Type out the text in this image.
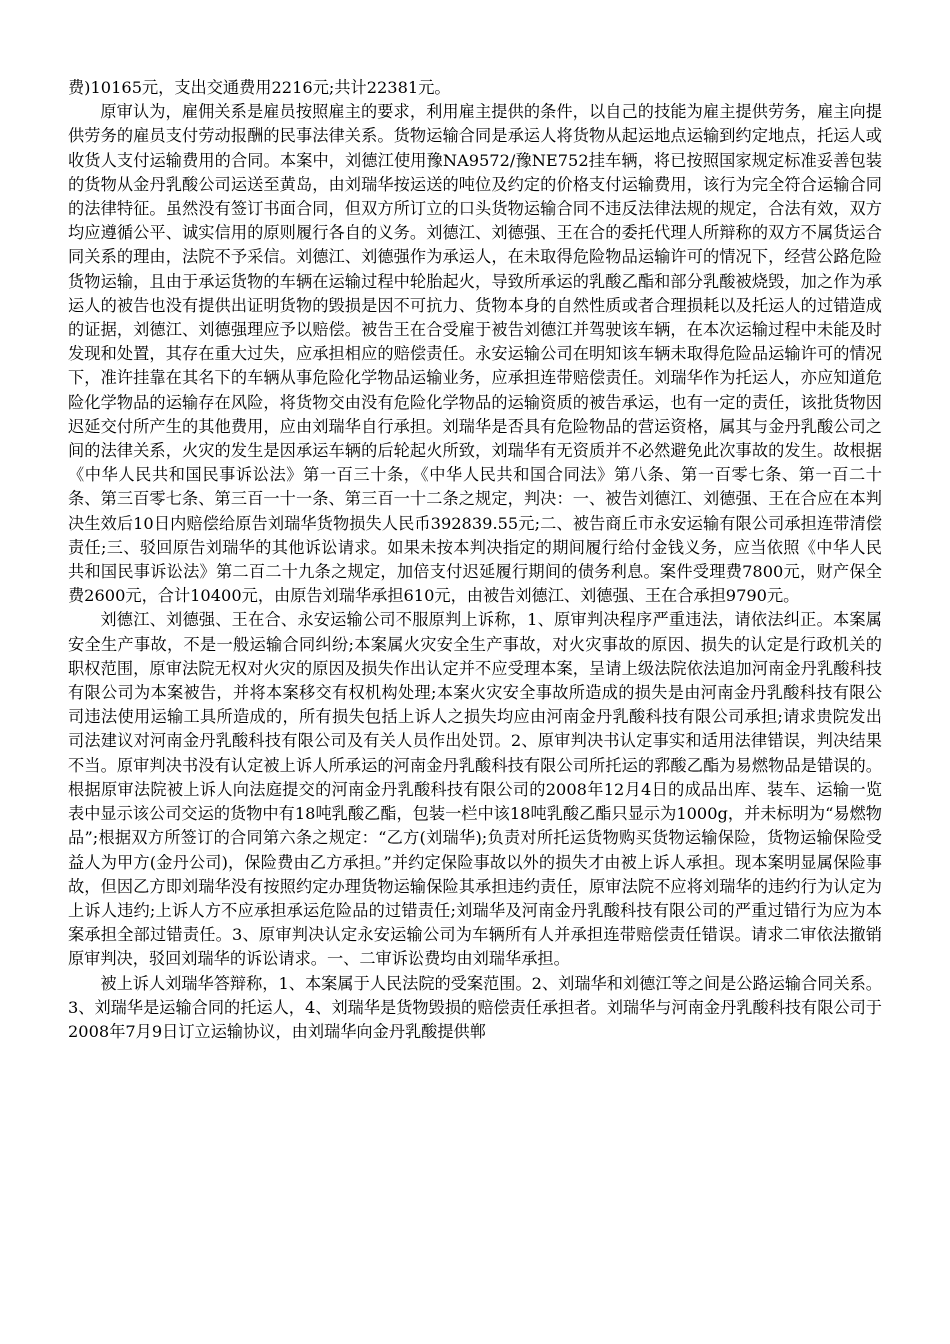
费)10165元，支出交通费用2216元;共计22381元。

原审认为，雇佣关系是雇员按照雇主的要求，利用雇主提供的条件，以自己的技能为雇主提供劳务，雇主向提供劳务的雇员支付劳动报酬的民事法律关系。货物运输合同是承运人将货物从起运地点运输到约定地点，托运人或收货人支付运输费用的合同。本案中，刘德江使用豫NA9572/豫NE752挂车辆，将已按照国家规定标准妥善包装的货物从金丹乳酸公司运送至黄岛，由刘瑞华按运送的吨位及约定的价格支付运输费用，该行为完全符合运输合同的法律特征。虽然没有签订书面合同，但双方所订立的口头货物运输合同不违反法律法规的规定，合法有效，双方均应遵循公平、诚实信用的原则履行各自的义务。刘德江、刘德强、王在合的委托代理人所辩称的双方不属货运合同关系的理由，法院不予采信。刘德江、刘德强作为承运人，在未取得危险物品运输许可的情况下，经营公路危险货物运输，且由于承运货物的车辆在运输过程中轮胎起火，导致所承运的乳酸乙酯和部分乳酸被烧毁，加之作为承运人的被告也没有提供出证明货物的毁损是因不可抗力、货物本身的自然性质或者合理损耗以及托运人的过错造成的证据，刘德江、刘德强理应予以赔偿。被告王在合受雇于被告刘德江并驾驶该车辆，在本次运输过程中未能及时发现和处置，其存在重大过失，应承担相应的赔偿责任。永安运输公司在明知该车辆未取得危险品运输许可的情况下，准许挂靠在其名下的车辆从事危险化学物品运输业务，应承担连带赔偿责任。刘瑞华作为托运人，亦应知道危险化学物品的运输存在风险，将货物交由没有危险化学物品的运输资质的被告承运，也有一定的责任，该批货物因迟延交付所产生的其他费用，应由刘瑞华自行承担。刘瑞华是否具有危险物品的营运资格，属其与金丹乳酸公司之间的法律关系，火灾的发生是因承运车辆的后轮起火所致，刘瑞华有无资质并不必然避免此次事故的发生。故根据《中华人民共和国民事诉讼法》第一百三十条，《中华人民共和国合同法》第八条、第一百零七条、第一百二十条、第三百零七条、第三百一十一条、第三百一十二条之规定，判决：一、被告刘德江、刘德强、王在合应在本判决生效后10日内赔偿给原告刘瑞华货物损失人民币392839.55元;二、被告商丘市永安运输有限公司承担连带清偿责任;三、驳回原告刘瑞华的其他诉讼请求。如果未按本判决指定的期间履行给付金钱义务，应当依照《中华人民共和国民事诉讼法》第二百二十九条之规定，加倍支付迟延履行期间的债务利息。案件受理费7800元，财产保全费2600元，合计10400元，由原告刘瑞华承担610元，由被告刘德江、刘德强、王在合承担9790元。

刘德江、刘德强、王在合、永安运输公司不服原判上诉称，1、原审判决程序严重违法，请依法纠正。本案属安全生产事故，不是一般运输合同纠纷;本案属火灾安全生产事故，对火灾事故的原因、损失的认定是行政机关的职权范围，原审法院无权对火灾的原因及损失作出认定并不应受理本案，呈请上级法院依法追加河南金丹乳酸科技有限公司为本案被告，并将本案移交有权机构处理;本案火灾安全事故所造成的损失是由河南金丹乳酸科技有限公司违法使用运输工具所造成的，所有损失包括上诉人之损失均应由河南金丹乳酸科技有限公司承担;请求贵院发出司法建议对河南金丹乳酸科技有限公司及有关人员作出处罚。2、原审判决书认定事实和适用法律错误，判决结果不当。原审判决书没有认定被上诉人所承运的河南金丹乳酸科技有限公司所托运的郛酸乙酯为易燃物品是错误的。根据原审法院被上诉人向法庭提交的河南金丹乳酸科技有限公司的2008年12月4日的成品出库、装车、运输一览表中显示该公司交运的货物中有18吨乳酸乙酯，包装一栏中该18吨乳酸乙酯只显示为1000g，并未标明为“易燃物品”;根据双方所签订的合同第六条之规定：“乙方(刘瑞华);负责对所托运货物购买货物运输保险，货物运输保险受益人为甲方(金丹公司)，保险费由乙方承担。”并约定保险事故以外的损失才由被上诉人承担。现本案明显属保险事故，但因乙方即刘瑞华没有按照约定办理货物运输保险其承担违约责任，原审法院不应将刘瑞华的违约行为认定为上诉人违约;上诉人方不应承担承运危险品的过错责任;刘瑞华及河南金丹乳酸科技有限公司的严重过错行为应为本案承担全部过错责任。3、原审判决认定永安运输公司为车辆所有人并承担连带赔偿责任错误。请求二审依法撤销原审判决，驳回刘瑞华的诉讼请求。一、二审诉讼费均由刘瑞华承担。

被上诉人刘瑞华答辩称，1、本案属于人民法院的受案范围。2、刘瑞华和刘德江等之间是公路运输合同关系。3、刘瑞华是运输合同的托运人，4、刘瑞华是货物毁损的赔偿责任承担者。刘瑞华与河南金丹乳酸科技有限公司于2008年7月9日订立运输协议，由刘瑞华向金丹乳酸提供郸
